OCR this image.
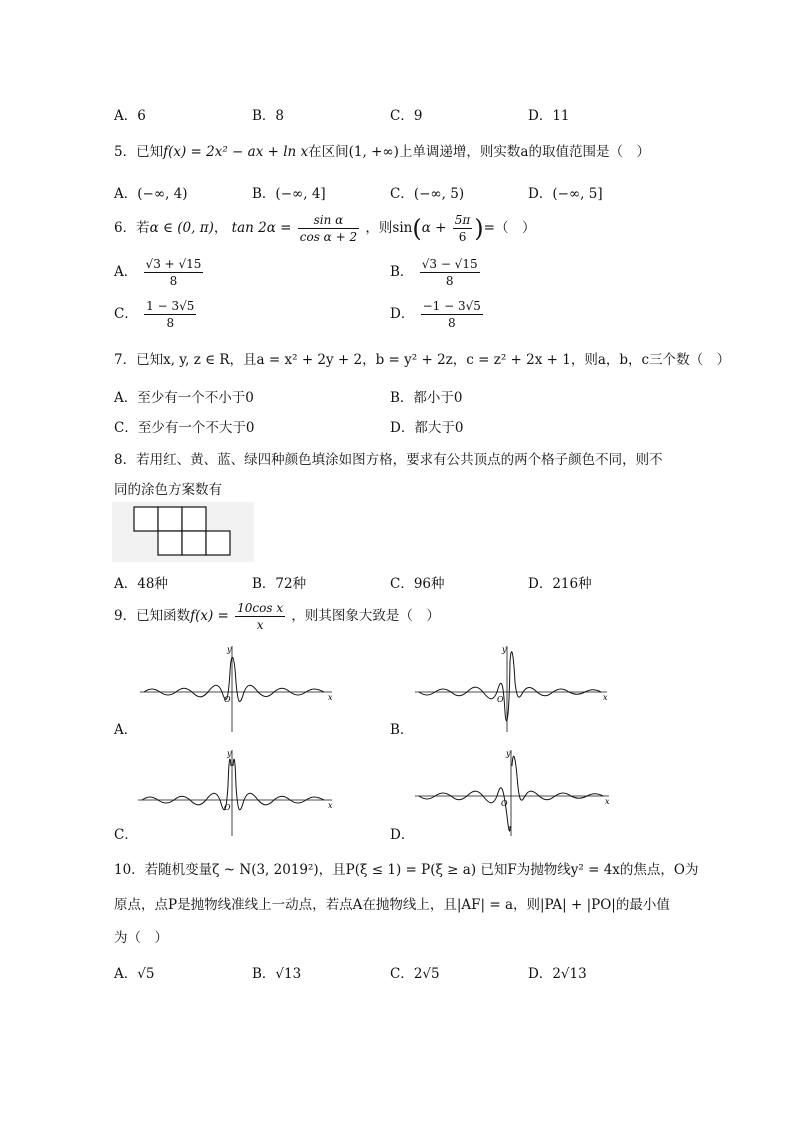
A．6	B．8	C．9	D．11
5．已知f(x) = 2x² − ax + ln x在区间(1, +∞)上单调递增，则实数a的取值范围是（　）
A．(−∞, 4)	B．(−∞, 4]	C．(−∞, 5)	D．(−∞, 5]
6．若α ∈ (0, π)， $\tan 2\alpha = \frac{\text{sin α}}{\text{cos α + 2}}$ ，则$\sin(\alpha + \frac{5\pi}{6}$ )=（　）
A． $\frac{√3 + √15}{8}$	B． $\frac{√3 - √15}{8}$
C． $\frac{1 - 3√5}{8}$	D． $\frac{-1 - 3√5}{8}$
7．已知x, y, z ∈ R，且a = x² + 2y + 2，b = y² + 2z，c = z² + 2x + 1，则a，b，c三个数（　）
A．至少有一个不小于0	B．都小于0
C．至少有一个不大于0	D．都大于0
8．若用红、黄、蓝、绿四种颜色填涂如图方格，要求有公共顶点的两个格子颜色不同，则不
同的涂色方案数有
A．48种	B．72种	C．96种	D．216种
9．已知函数$f(x) = \frac{\text{10cos x}}{x}$ ，则其图象大致是（　）
y
x
O
A．
y
x
O
B．
y
x
O
C．
y
x
O
D．
10．若随机变量ζ ~ N(3, 2019²)，且P(ξ ≤ 1) = P(ξ ≥ a) 已知F为抛物线y² = 4x的焦点，O为
原点，点P是抛物线准线上一动点，若点A在抛物线上，且|AF| = a，则|PA| + |PO|的最小值
为（　）
A．√5	B．√13	C．2√5	D．2√13
